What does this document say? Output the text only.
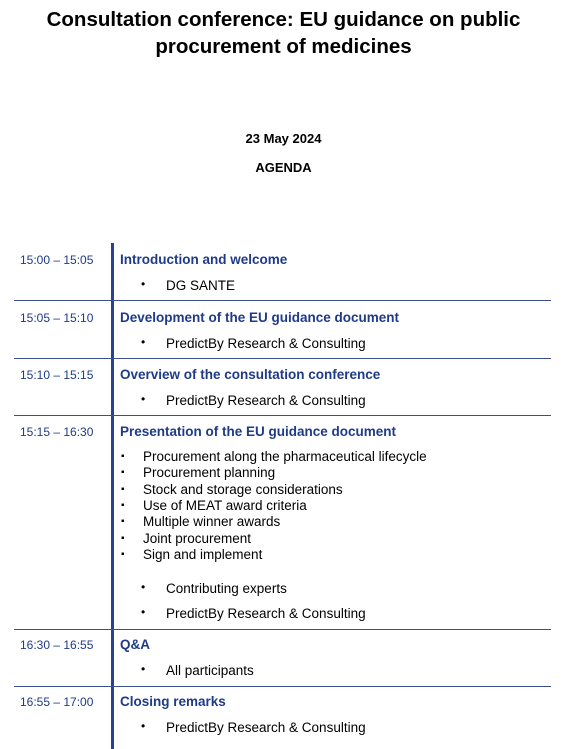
Consultation conference: EU guidance on public
procurement of medicines
23 May 2024
AGENDA
15:00 – 15:05 Introduction and welcome
• DG SANTE
15:05 – 15:10 Development of the EU guidance document
• PredictBy Research & Consulting
15:10 – 15:15 Overview of the consultation conference
• PredictBy Research & Consulting
15:15 – 16:30 Presentation of the EU guidance document
▪ Procurement along the pharmaceutical lifecycle
▪ Procurement planning
▪ Stock and storage considerations
▪ Use of MEAT award criteria
▪ Multiple winner awards
▪ Joint procurement
▪ Sign and implement
• Contributing experts
• PredictBy Research & Consulting
16:30 – 16:55 Q&A
• All participants
16:55 – 17:00 Closing remarks
• PredictBy Research & Consulting
